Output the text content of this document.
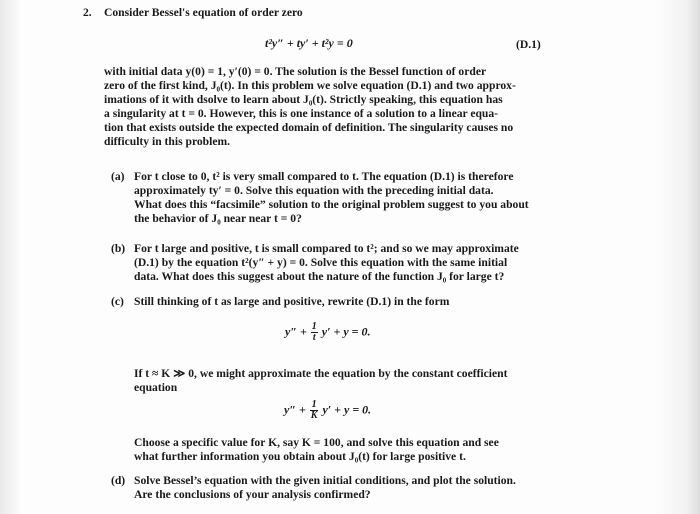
2. Consider Bessel's equation of order zero
t²y″ + ty′ + t²y = 0	(D.1)
with initial data y(0) = 1, y′(0) = 0. The solution is the Bessel function of order
zero of the first kind, J₀(t). In this problem we solve equation (D.1) and two approx-
imations of it with dsolve to learn about J₀(t). Strictly speaking, this equation has
a singularity at t = 0. However, this is one instance of a solution to a linear equa-
tion that exists outside the expected domain of definition. The singularity causes no
difficulty in this problem.
(a) For t close to 0, t² is very small compared to t. The equation (D.1) is therefore
approximately ty′ = 0. Solve this equation with the preceding initial data.
What does this “facsimile” solution to the original problem suggest to you about
the behavior of J₀ near near t = 0?
(b) For t large and positive, t is small compared to t²; and so we may approximate
(D.1) by the equation t²(y″ + y) = 0. Solve this equation with the same initial
data. What does this suggest about the nature of the function J₀ for large t?
(c) Still thinking of t as large and positive, rewrite (D.1) in the form
$y'' + \frac{1}{t} y' + y = 0$.
If t ≈ K ≫ 0, we might approximate the equation by the constant coefficient
equation
$y'' + \frac{1}{K} y' + y = 0$.
Choose a specific value for K, say K = 100, and solve this equation and see
what further information you obtain about J₀(t) for large positive t.
(d) Solve Bessel’s equation with the given initial conditions, and plot the solution.
Are the conclusions of your analysis confirmed?
